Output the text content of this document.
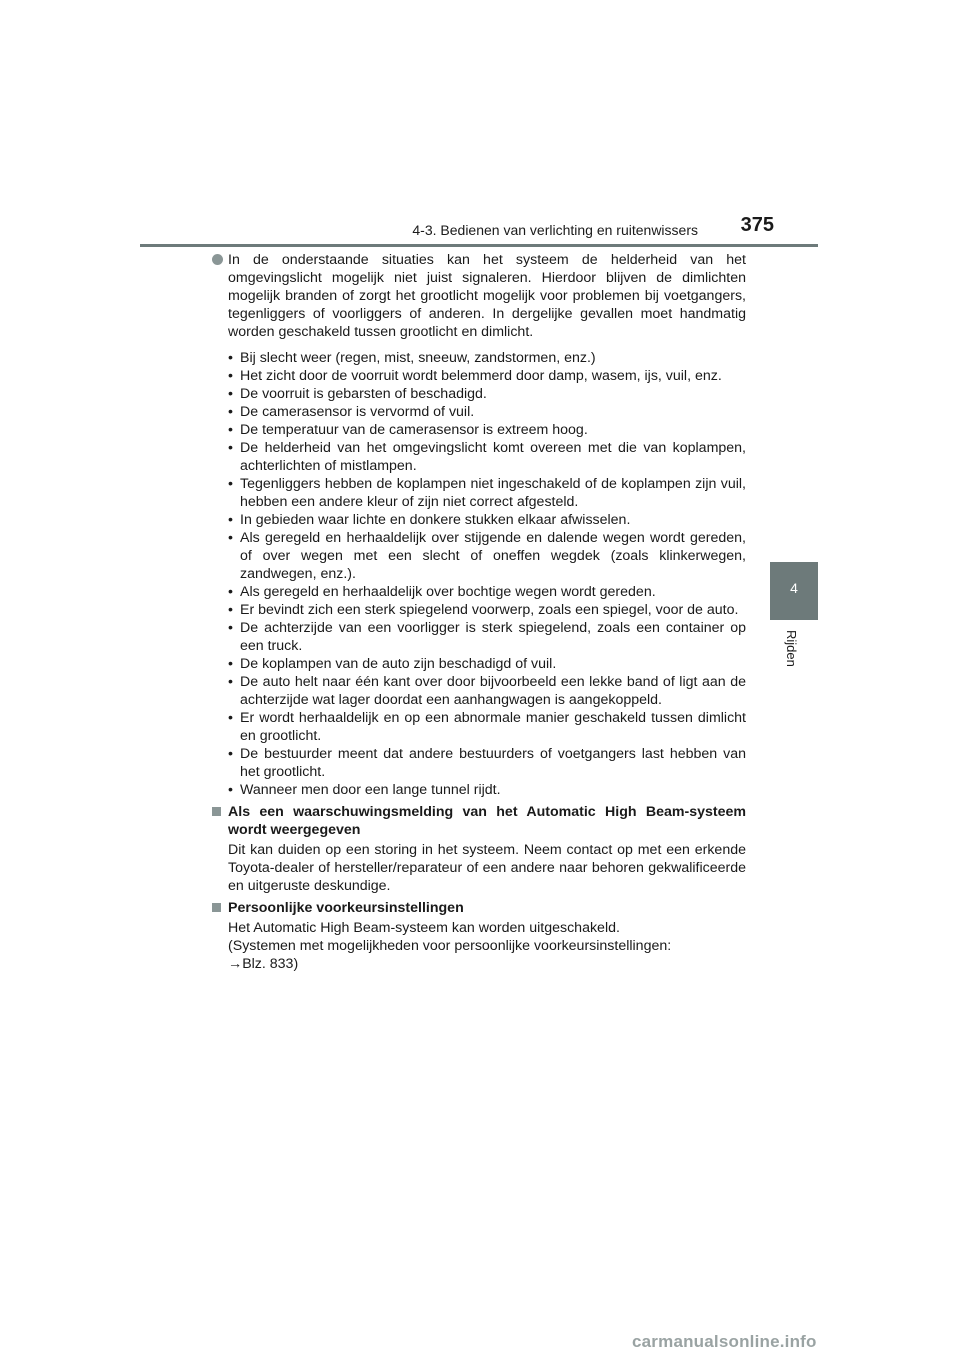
4-3. Bedienen van verlichting en ruitenwissers 375
4
Rijden
In de onderstaande situaties kan het systeem de helderheid van het omgevingslicht mogelijk niet juist signaleren. Hierdoor blijven de dimlichten mogelijk branden of zorgt het grootlicht mogelijk voor problemen bij voetgangers, tegenliggers of voorliggers of anderen. In dergelijke gevallen moet handmatig worden geschakeld tussen grootlicht en dimlicht.
• Bij slecht weer (regen, mist, sneeuw, zandstormen, enz.)
• Het zicht door de voorruit wordt belemmerd door damp, wasem, ijs, vuil, enz.
• De voorruit is gebarsten of beschadigd.
• De camerasensor is vervormd of vuil.
• De temperatuur van de camerasensor is extreem hoog.
• De helderheid van het omgevingslicht komt overeen met die van koplampen, achterlichten of mistlampen.
• Tegenliggers hebben de koplampen niet ingeschakeld of de koplampen zijn vuil, hebben een andere kleur of zijn niet correct afgesteld.
• In gebieden waar lichte en donkere stukken elkaar afwisselen.
• Als geregeld en herhaaldelijk over stijgende en dalende wegen wordt gereden, of over wegen met een slecht of oneffen wegdek (zoals klinkerwegen, zandwegen, enz.).
• Als geregeld en herhaaldelijk over bochtige wegen wordt gereden.
• Er bevindt zich een sterk spiegelend voorwerp, zoals een spiegel, voor de auto.
• De achterzijde van een voorligger is sterk spiegelend, zoals een container op een truck.
• De koplampen van de auto zijn beschadigd of vuil.
• De auto helt naar één kant over door bijvoorbeeld een lekke band of ligt aan de achterzijde wat lager doordat een aanhangwagen is aangekoppeld.
• Er wordt herhaaldelijk en op een abnormale manier geschakeld tussen dimlicht en grootlicht.
• De bestuurder meent dat andere bestuurders of voetgangers last hebben van het grootlicht.
• Wanneer men door een lange tunnel rijdt.
Als een waarschuwingsmelding van het Automatic High Beam-systeem wordt weergegeven
Dit kan duiden op een storing in het systeem. Neem contact op met een erkende Toyota-dealer of hersteller/reparateur of een andere naar behoren gekwalificeerde en uitgeruste deskundige.
Persoonlijke voorkeursinstellingen
Het Automatic High Beam-systeem kan worden uitgeschakeld.
(Systemen met mogelijkheden voor persoonlijke voorkeursinstellingen:
→Blz. 833)
carmanualsonline.info
